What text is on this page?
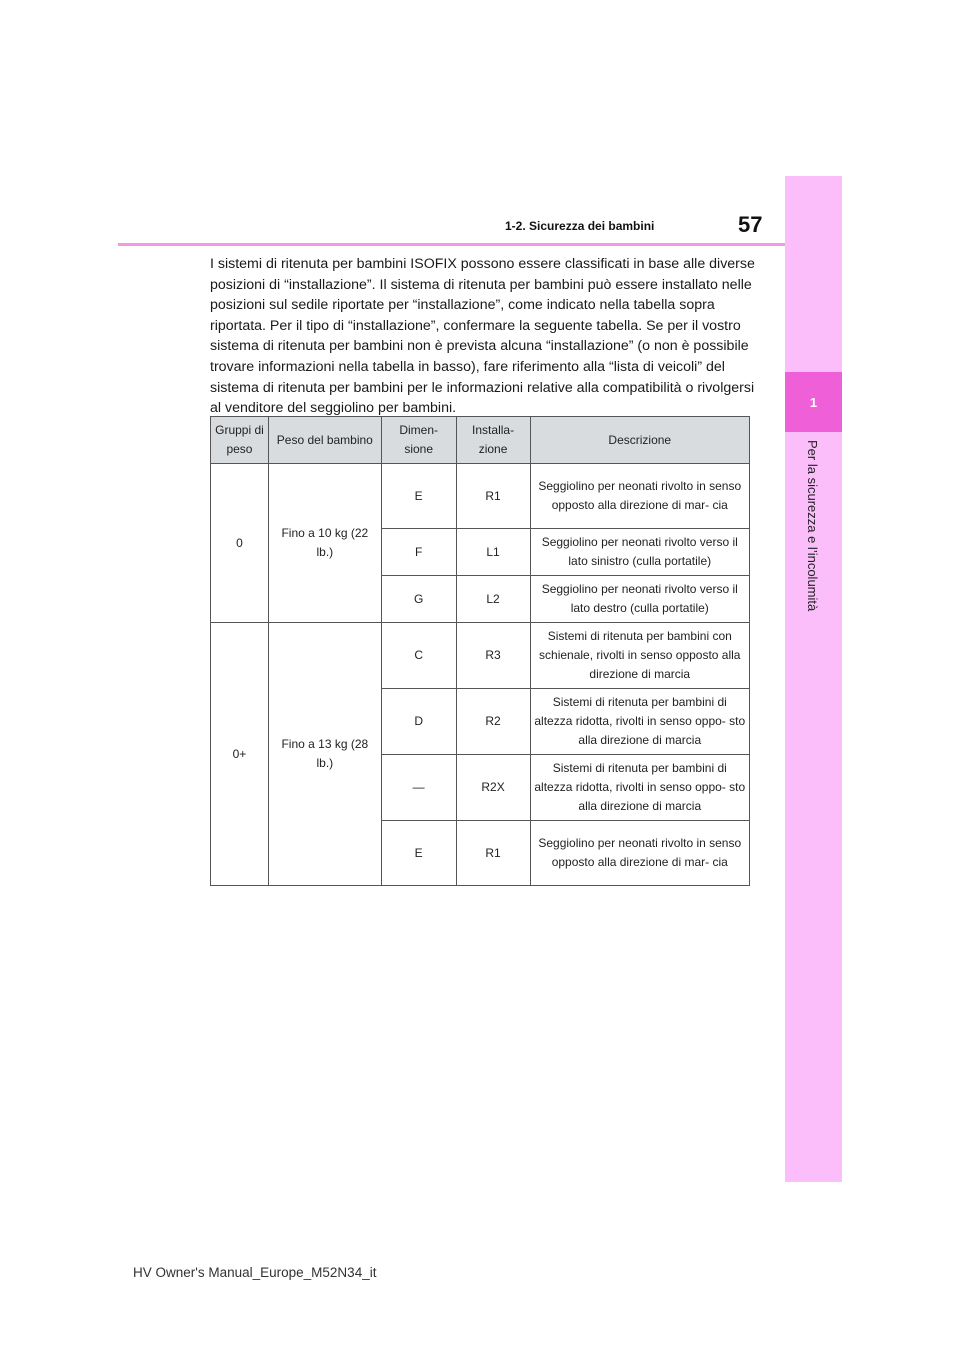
1
Per la sicurezza e l’incolumità
57
1-2. Sicurezza dei bambini

I sistemi di ritenuta per bambini ISOFIX possono essere classificati in base alle diverse posizioni di “installazione”. Il sistema di ritenuta per bambini può essere installato nelle posizioni sul sedile riportate per “installazione”, come indicato nella tabella sopra riportata. Per il tipo di “installazione”, confermare la seguente tabella. Se per il vostro sistema di ritenuta per bambini non è prevista alcuna “installazione” (o non è possibile trovare informazioni nella tabella in basso), fare riferimento alla “lista di veicoli” del sistema di ritenuta per bambini per le informazioni relative alla compatibilità o rivolgersi al venditore del seggiolino per bambini.

Gruppi di peso	Peso del bambino	Dimen- sione	Installa- zione	Descrizione
0	Fino a 10 kg (22 lb.)	E	R1	Seggiolino per neonati rivolto in senso opposto alla direzione di mar- cia
		F	L1	Seggiolino per neonati rivolto verso il lato sinistro (culla portatile)
		G	L2	Seggiolino per neonati rivolto verso il lato destro (culla portatile)
0+	Fino a 13 kg (28 lb.)	C	R3	Sistemi di ritenuta per bambini con schienale, rivolti in senso opposto alla direzione di marcia
		D	R2	Sistemi di ritenuta per bambini di altezza ridotta, rivolti in senso oppo- sto alla direzione di marcia
		—	R2X	Sistemi di ritenuta per bambini di altezza ridotta, rivolti in senso oppo- sto alla direzione di marcia
		E	R1	Seggiolino per neonati rivolto in senso opposto alla direzione di mar- cia
HV Owner's Manual_Europe_M52N34_it
